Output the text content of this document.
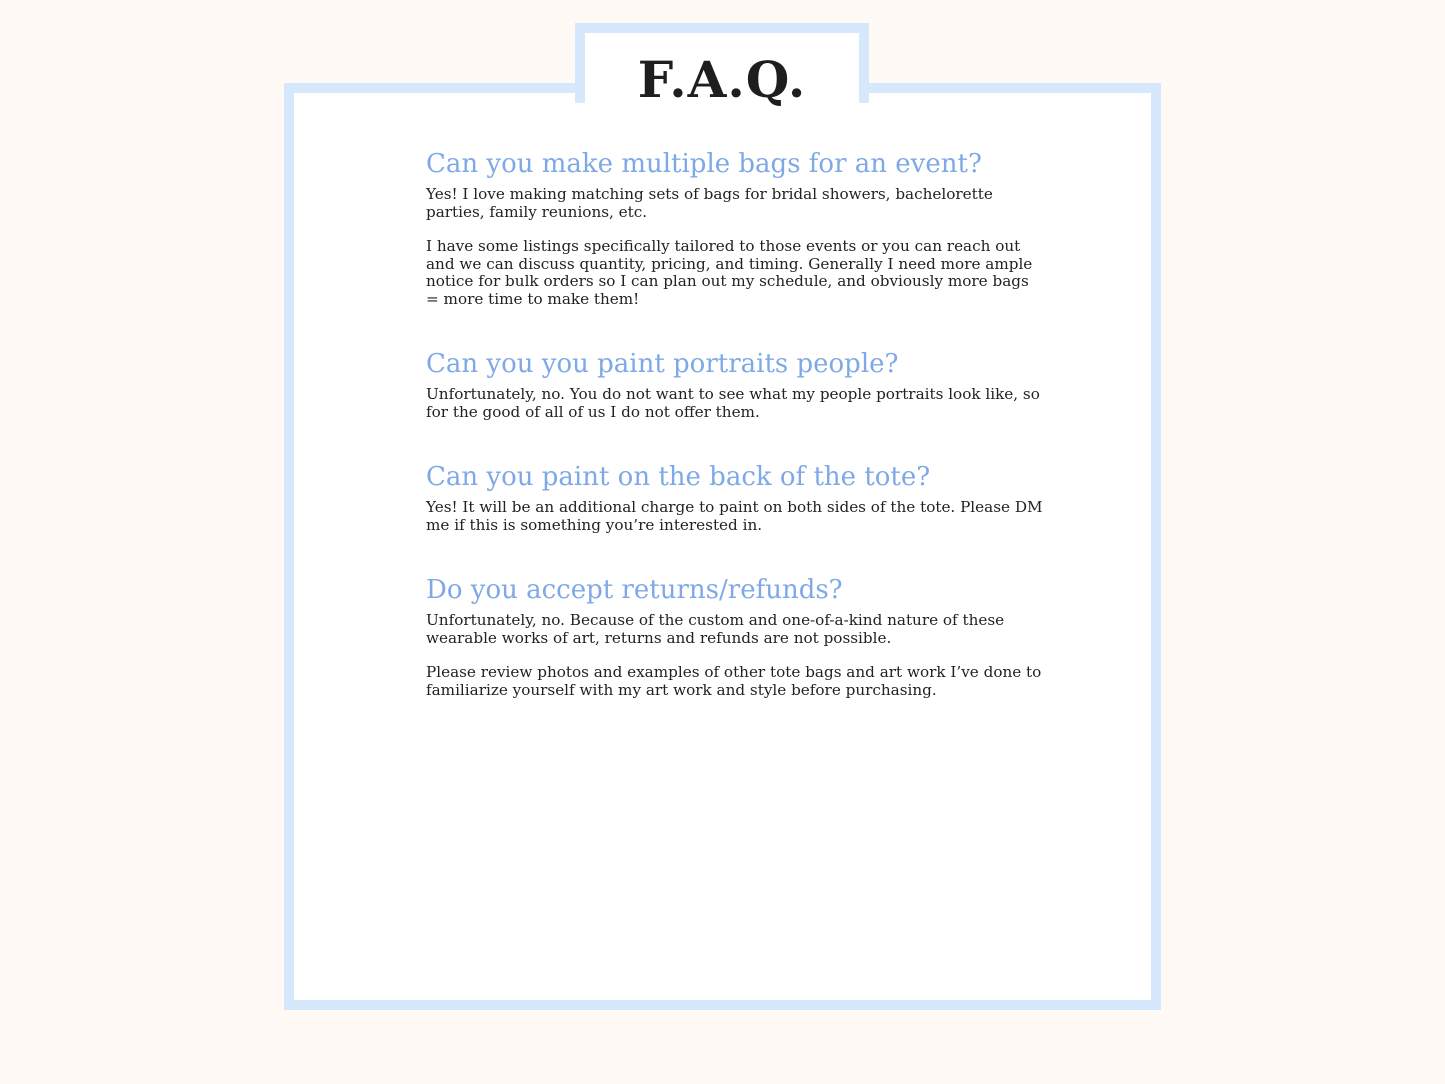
F.A.Q.
Can you make multiple bags for an event?

Yes! I love making matching sets of bags for bridal showers, bachelorette parties, family reunions, etc.

I have some listings specifically tailored to those events or you can reach out and we can discuss quantity, pricing, and timing. Generally I need more ample notice for bulk orders so I can plan out my schedule, and obviously more bags = more time to make them!

Can you you paint portraits people?

Unfortunately, no. You do not want to see what my people portraits look like, so for the good of all of us I do not offer them.

Can you paint on the back of the tote?

Yes! It will be an additional charge to paint on both sides of the tote. Please DM me if this is something you’re interested in.

Do you accept returns/refunds?

Unfortunately, no. Because of the custom and one-of-a-kind nature of these wearable works of art, returns and refunds are not possible.

Please review photos and examples of other tote bags and art work I’ve done to familiarize yourself with my art work and style before purchasing.
